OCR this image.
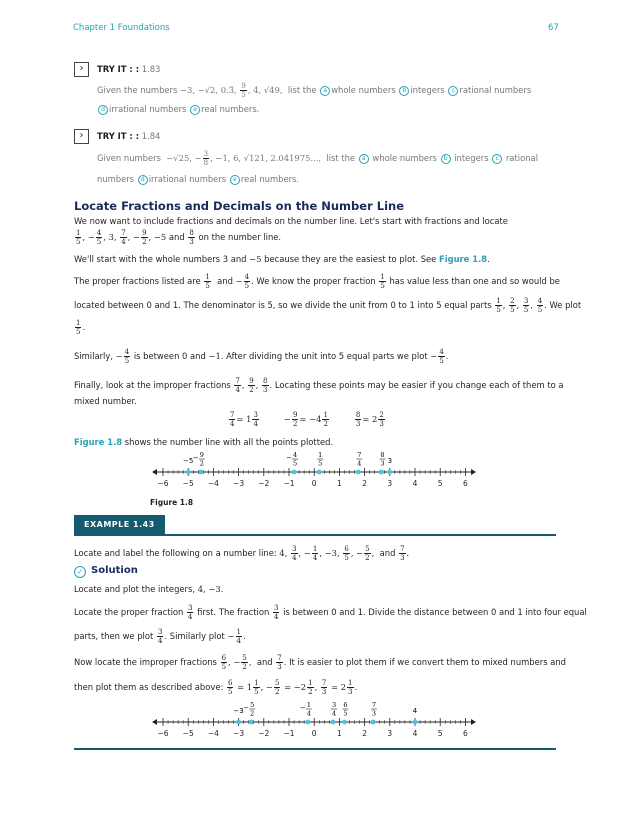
Chapter 1 Foundations	67
›	TRY IT : : 1.83
Given the numbers −3, −√2, 0.3̅, $\frac{9}{5}$ , 4, √49, list the a whole numbers b integers c rational numbers
d irrational numbers e real numbers.
›	TRY IT : : 1.84
Given numbers −√25, − $\frac{3}{8}$ , −1, 6, √121, 2.041975..., list the a whole numbers b integers c rational
numbers d irrational numbers e real numbers.
Locate Fractions and Decimals on the Number Line
We now want to include fractions and decimals on the number line. Let's start with fractions and locate
$\frac{1}{5}$ , − $\frac{4}{5}$ , 3, $\frac{7}{4}$ , − $\frac{9}{2}$ , −5 and $\frac{8}{3}$ on the number line.
We'll start with the whole numbers 3 and −5 because they are the easiest to plot. See Figure 1.8.
The proper fractions listed are $\frac{1}{5}$ and − $\frac{4}{5}$ . We know the proper fraction $\frac{1}{5}$ has value less than one and so would be
located between 0 and 1. The denominator is 5, so we divide the unit from 0 to 1 into 5 equal parts $\frac{1}{5}$ , $\frac{2}{5}$ , $\frac{3}{5}$ , $\frac{4}{5}$ . We plot
$\frac{1}{5}$ .
Similarly, − $\frac{4}{5}$ is between 0 and −1. After dividing the unit into 5 equal parts we plot − $\frac{4}{5}$ .
Finally, look at the improper fractions $\frac{7}{4}$ , $\frac{9}{2}$ , $\frac{8}{3}$ . Locating these points may be easier if you change each of them to a
mixed number.
$\frac{7}{4} = 1 \frac{3}{4} - \frac{9}{2} = -4 \frac{1}{2}$
	$\frac{8}{3} = 2 \frac{2}{3}$
Figure 1.8 shows the number line with all the points plotted.
−6 −5 −4 −3 −2 −1 0	1	2	3	4	5	6
−5 − 9
2
− 4
5
1
5
7
4
8
3 3
Figure 1.8
EXAMPLE 1.43
Locate and label the following on a number line: 4, $\frac{3}{4}$ , − $\frac{1}{4}$ , −3, $\frac{6}{5}$ , − $\frac{5}{2}$ , and $\frac{7}{3}$ .
✓ Solution
Locate and plot the integers, 4, −3.
Locate the proper fraction $\frac{3}{4}$ first. The fraction $\frac{3}{4}$ is between 0 and 1. Divide the distance between 0 and 1 into four equal
parts, then we plot $\frac{3}{4}$ . Similarly plot − $\frac{1}{4}$ .
Now locate the improper fractions $\frac{6}{5}$ , − $\frac{5}{2}$ , and $\frac{7}{3}$ . It is easier to plot them if we convert them to mixed numbers and
then plot them as described above: $\frac{6}{5} = 1 \frac{1}{5}$ , − $\frac{5}{2} = -2 \frac{1}{2}$ , $\frac{7}{3} = 2 \frac{1}{3}$ .
−6 −5 −4 −3 −2 −1 0	1	2	3	4	5	6
−3 − 5
2
− 1
4
3
4
6
5
7
3	4
